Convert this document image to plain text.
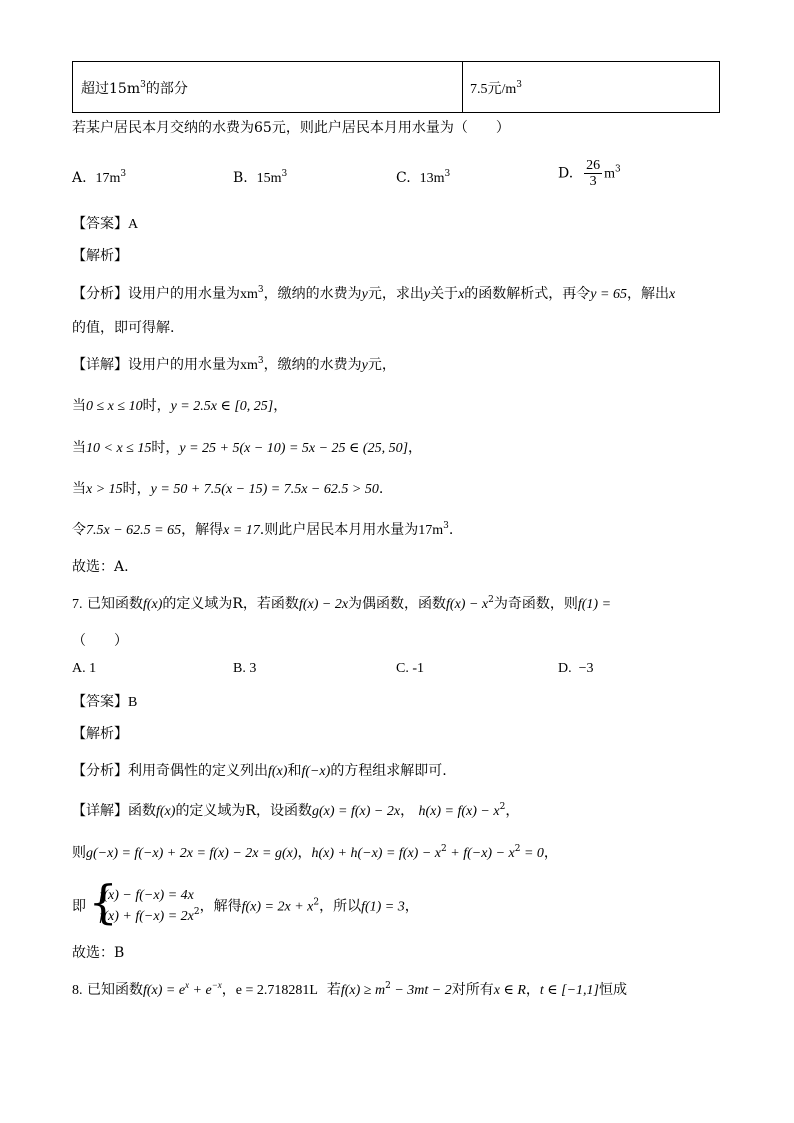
超过$15m^3$的部分	7.5元$/m^3$
若某户居民本月交纳的水费为65元，则此户居民本月用水量为（　　）
A. $17m^3$	B. $15m^3$	C. $13m^3$	D. $\frac{26}{3} m^3$
【答案】A
【解析】
【分析】设用户的用水量为$xm^3$，缴纳的水费为y元，求出y关于x的函数解析式，再令y = 65，解出x
的值，即可得解.
【详解】设用户的用水量为$xm^3$，缴纳的水费为y元，
当0 ≤ x ≤ 10时，y = 2.5x ∈ [0, 25]，
当10 < x ≤ 15时，y = 25 + 5(x − 10) = 5x − 25 ∈ (25, 50]，
当x > 15时，y = 50 + 7.5(x − 15) = 7.5x − 62.5 > 50.
令7.5x − 62.5 = 65，解得x = 17.则此户居民本月用水量为$17m^3$.
故选：A.
7. 已知函数f(x)的定义域为R，若函数f(x) − 2x为偶函数，函数$f(x) - x^2$为奇函数，则f(1) =
（　　）
A. 1	B. 3	C. -1	D. −3
【答案】B
【解析】
【分析】利用奇偶性的定义列出f(x)和f(−x)的方程组求解即可.
【详解】函数f(x)的定义域为R，设函数g(x) = f(x) − 2x， $h(x) = f(x) - x^2$，
则g(−x) = f(−x) + 2x = f(x) − 2x = g(x)，$h(x) + h(-x) = f(x) - x^2 + f(-x) - x^2 = 0$，
即 {
f(x) − f(−x) = 4x
$f(x) + f(-x) = 2x^2$ ，解得$f(x) = 2x + x^2$，所以f(1) = 3，
故选：B
8. 已知函数$f(x) = e^x + e^{-x}$，e = 2.718281L 若$f(x) \ge m^2 - 3mt - 2$对所有x ∈ R，t ∈ [−1,1]恒成
